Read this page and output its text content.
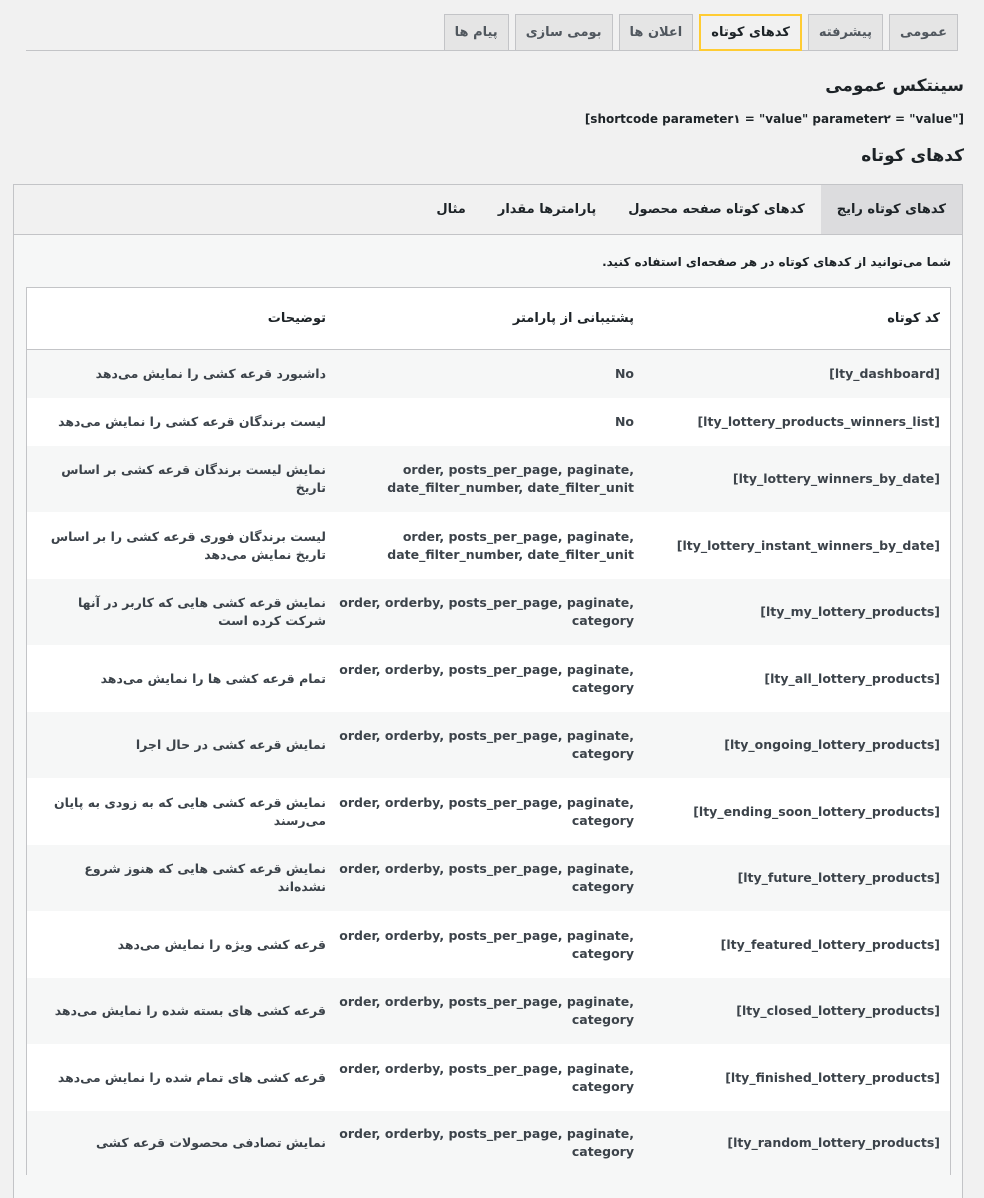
عمومی
پیشرفته
کدهای کوتاه
اعلان ها
بومی سازی
پیام ها
سینتکس عمومی
[shortcode parameter۱ = "value" parameter۲ = "value"]
کدهای کوتاه
کدهای کوتاه رایج
کدهای کوتاه صفحه محصول
پارامترها مقدار
مثال
شما می‌توانید از کدهای کوتاه در هر صفحه‌ای استفاده کنید.
کد کوتاه
پشتیبانی از پارامتر
توضیحات
[lty_dashboard]
No
داشبورد قرعه کشی را نمایش می‌دهد
[lty_lottery_products_winners_list]
No
لیست برندگان قرعه کشی را نمایش می‌دهد
[lty_lottery_winners_by_date]
order, posts_per_page, paginate, date_filter_number, date_filter_unit
نمایش لیست برندگان قرعه کشی بر اساس تاریخ
[lty_lottery_instant_winners_by_date]
order, posts_per_page, paginate, date_filter_number, date_filter_unit
لیست برندگان فوری قرعه کشی را بر اساس تاریخ نمایش می‌دهد
[lty_my_lottery_products]
order, orderby, posts_per_page, paginate, category
نمایش قرعه کشی هایی که کاربر در آنها شرکت کرده است
[lty_all_lottery_products]
order, orderby, posts_per_page, paginate, category
تمام قرعه کشی ها را نمایش می‌دهد
[lty_ongoing_lottery_products]
order, orderby, posts_per_page, paginate, category
نمایش قرعه کشی در حال اجرا
[lty_ending_soon_lottery_products]
order, orderby, posts_per_page, paginate, category
نمایش قرعه کشی هایی که به زودی به پایان می‌رسند
[lty_future_lottery_products]
order, orderby, posts_per_page, paginate, category
نمایش قرعه کشی هایی که هنوز شروع نشده‌اند
[lty_featured_lottery_products]
order, orderby, posts_per_page, paginate, category
قرعه کشی ویژه را نمایش می‌دهد
[lty_closed_lottery_products]
order, orderby, posts_per_page, paginate, category
قرعه کشی های بسته شده را نمایش می‌دهد
[lty_finished_lottery_products]
order, orderby, posts_per_page, paginate, category
قرعه کشی های تمام شده را نمایش می‌دهد
[lty_random_lottery_products]
order, orderby, posts_per_page, paginate, category
نمایش تصادفی محصولات قرعه کشی
